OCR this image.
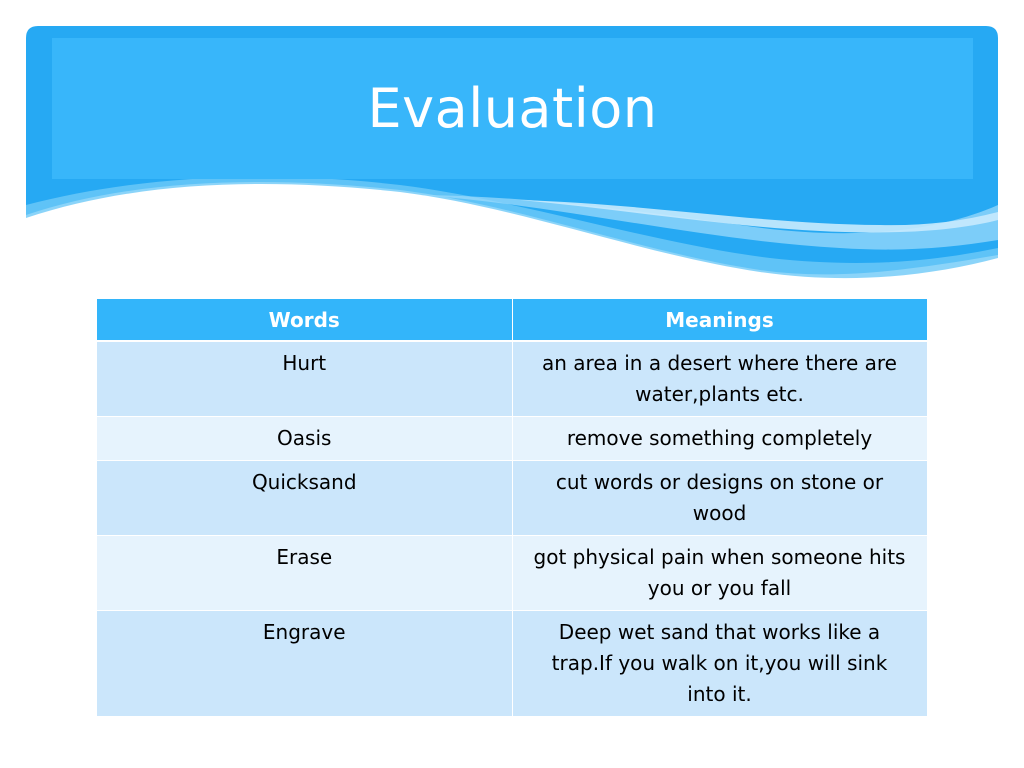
Evaluation
Words	Meanings
Hurt	an area in a desert where there are water,plants etc.
Oasis	remove something completely
Quicksand	cut words or designs on stone or wood
Erase	got physical pain when someone hits you or you fall
Engrave	Deep wet sand that works like a trap.If you walk on it,you will sink into it.
